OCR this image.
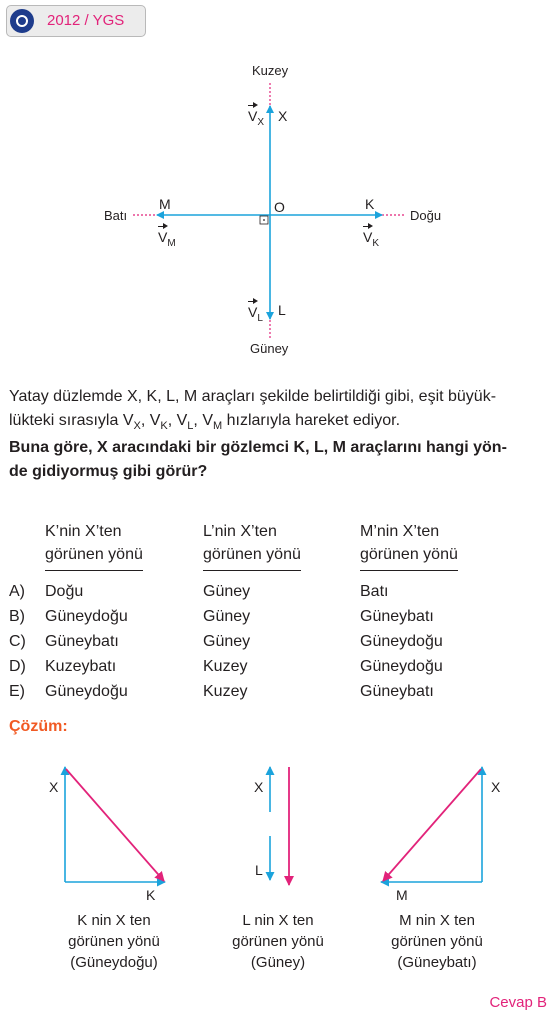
2012 / YGS
Kuzey
Güney
Batı	Doğu
O
X
L
K
M
$V_X$
$V_L$
$V_K$
$V_M$
Yatay düzlemde X, K, L, M araçları şekilde belirtildiği gibi, eşit büyük-
lükteki sırasıyla $V_X$, $V_K$, $V_L$, $V_M$ hızlarıyla hareket ediyor.
Buna göre, X aracındaki bir gözlemci K, L, M araçlarını hangi yön-
de gidiyormuş gibi görür?
K’nin X’ten
görünen yönü
L’nin X’ten
görünen yönü
M’nin X’ten
görünen yönü
A) Doğu	Güney	Batı
B) Güneydoğu	Güney	Güneybatı
C) Güneybatı	Güney	Güneydoğu
D) Kuzeybatı	Kuzey	Güneydoğu
E) Güneydoğu	Kuzey	Güneybatı
Çözüm:
X
K
X
L
X
M
K nin X ten
görünen yönü
(Güneydoğu)
L nin X ten
görünen yönü
(Güney)
M nin X ten
görünen yönü
(Güneybatı)
Cevap B
